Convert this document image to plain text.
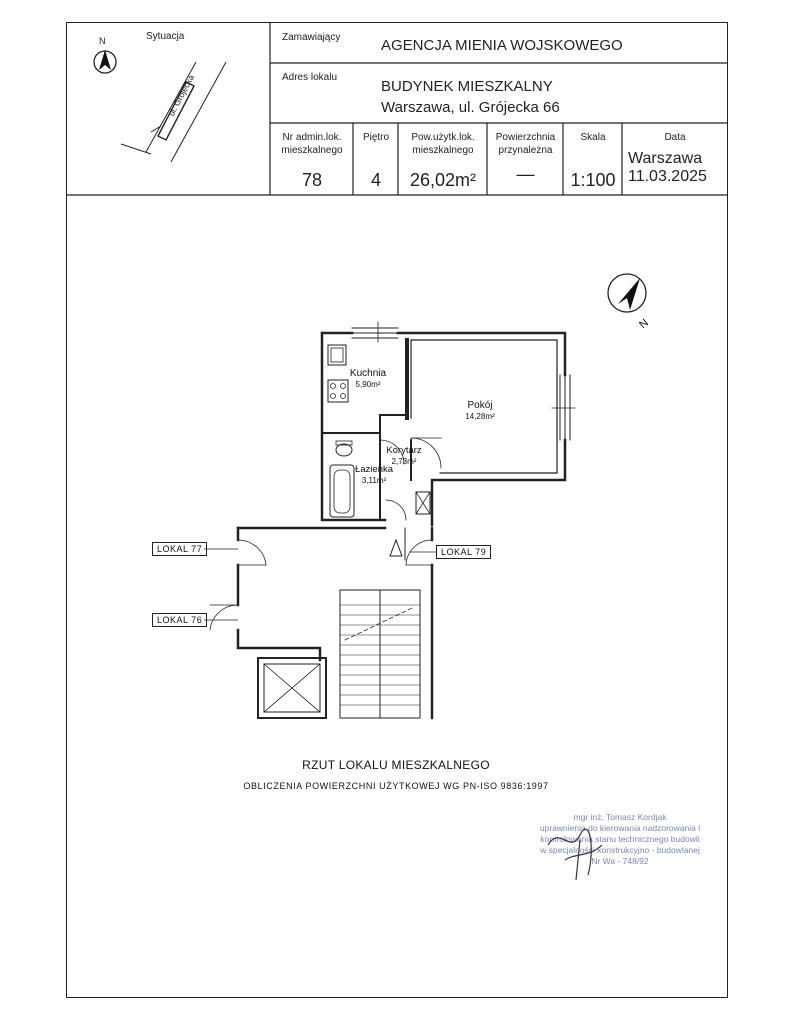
Sytuacja
N
ul. Grójecka
Zamawiający	AGENCJA MIENIA WOJSKOWEGO
Adres lokalu
BUDYNEK MIESZKALNY
Warszawa, ul. Grójecka 66
Nr admin.lok. mieszkalnego
78
Piętro
4
Pow.użytk.lok. mieszkalnego
26,02m²
Powierzchnia przynależna
—
Skala
1:100
Data
Warszawa 11.03.2025
N
Kuchnia
5,90m²
Pokój
14,28m²
Korytarz
2,73m²
Łazienka
3,11m²
LOKAL 77
LOKAL 76
LOKAL 79
RZUT LOKALU MIESZKALNEGO
OBLICZENIA POWIERZCHNI UŻYTKOWEJ WG PN-ISO 9836:1997
mgr inż. Tomasz Kordjak
uprawnienia do kierowania nadzorowania i
kontrolowania stanu technicznego budowli
w specjalności konstrukcyjno - budowlanej
Nr Wa - 748/92
